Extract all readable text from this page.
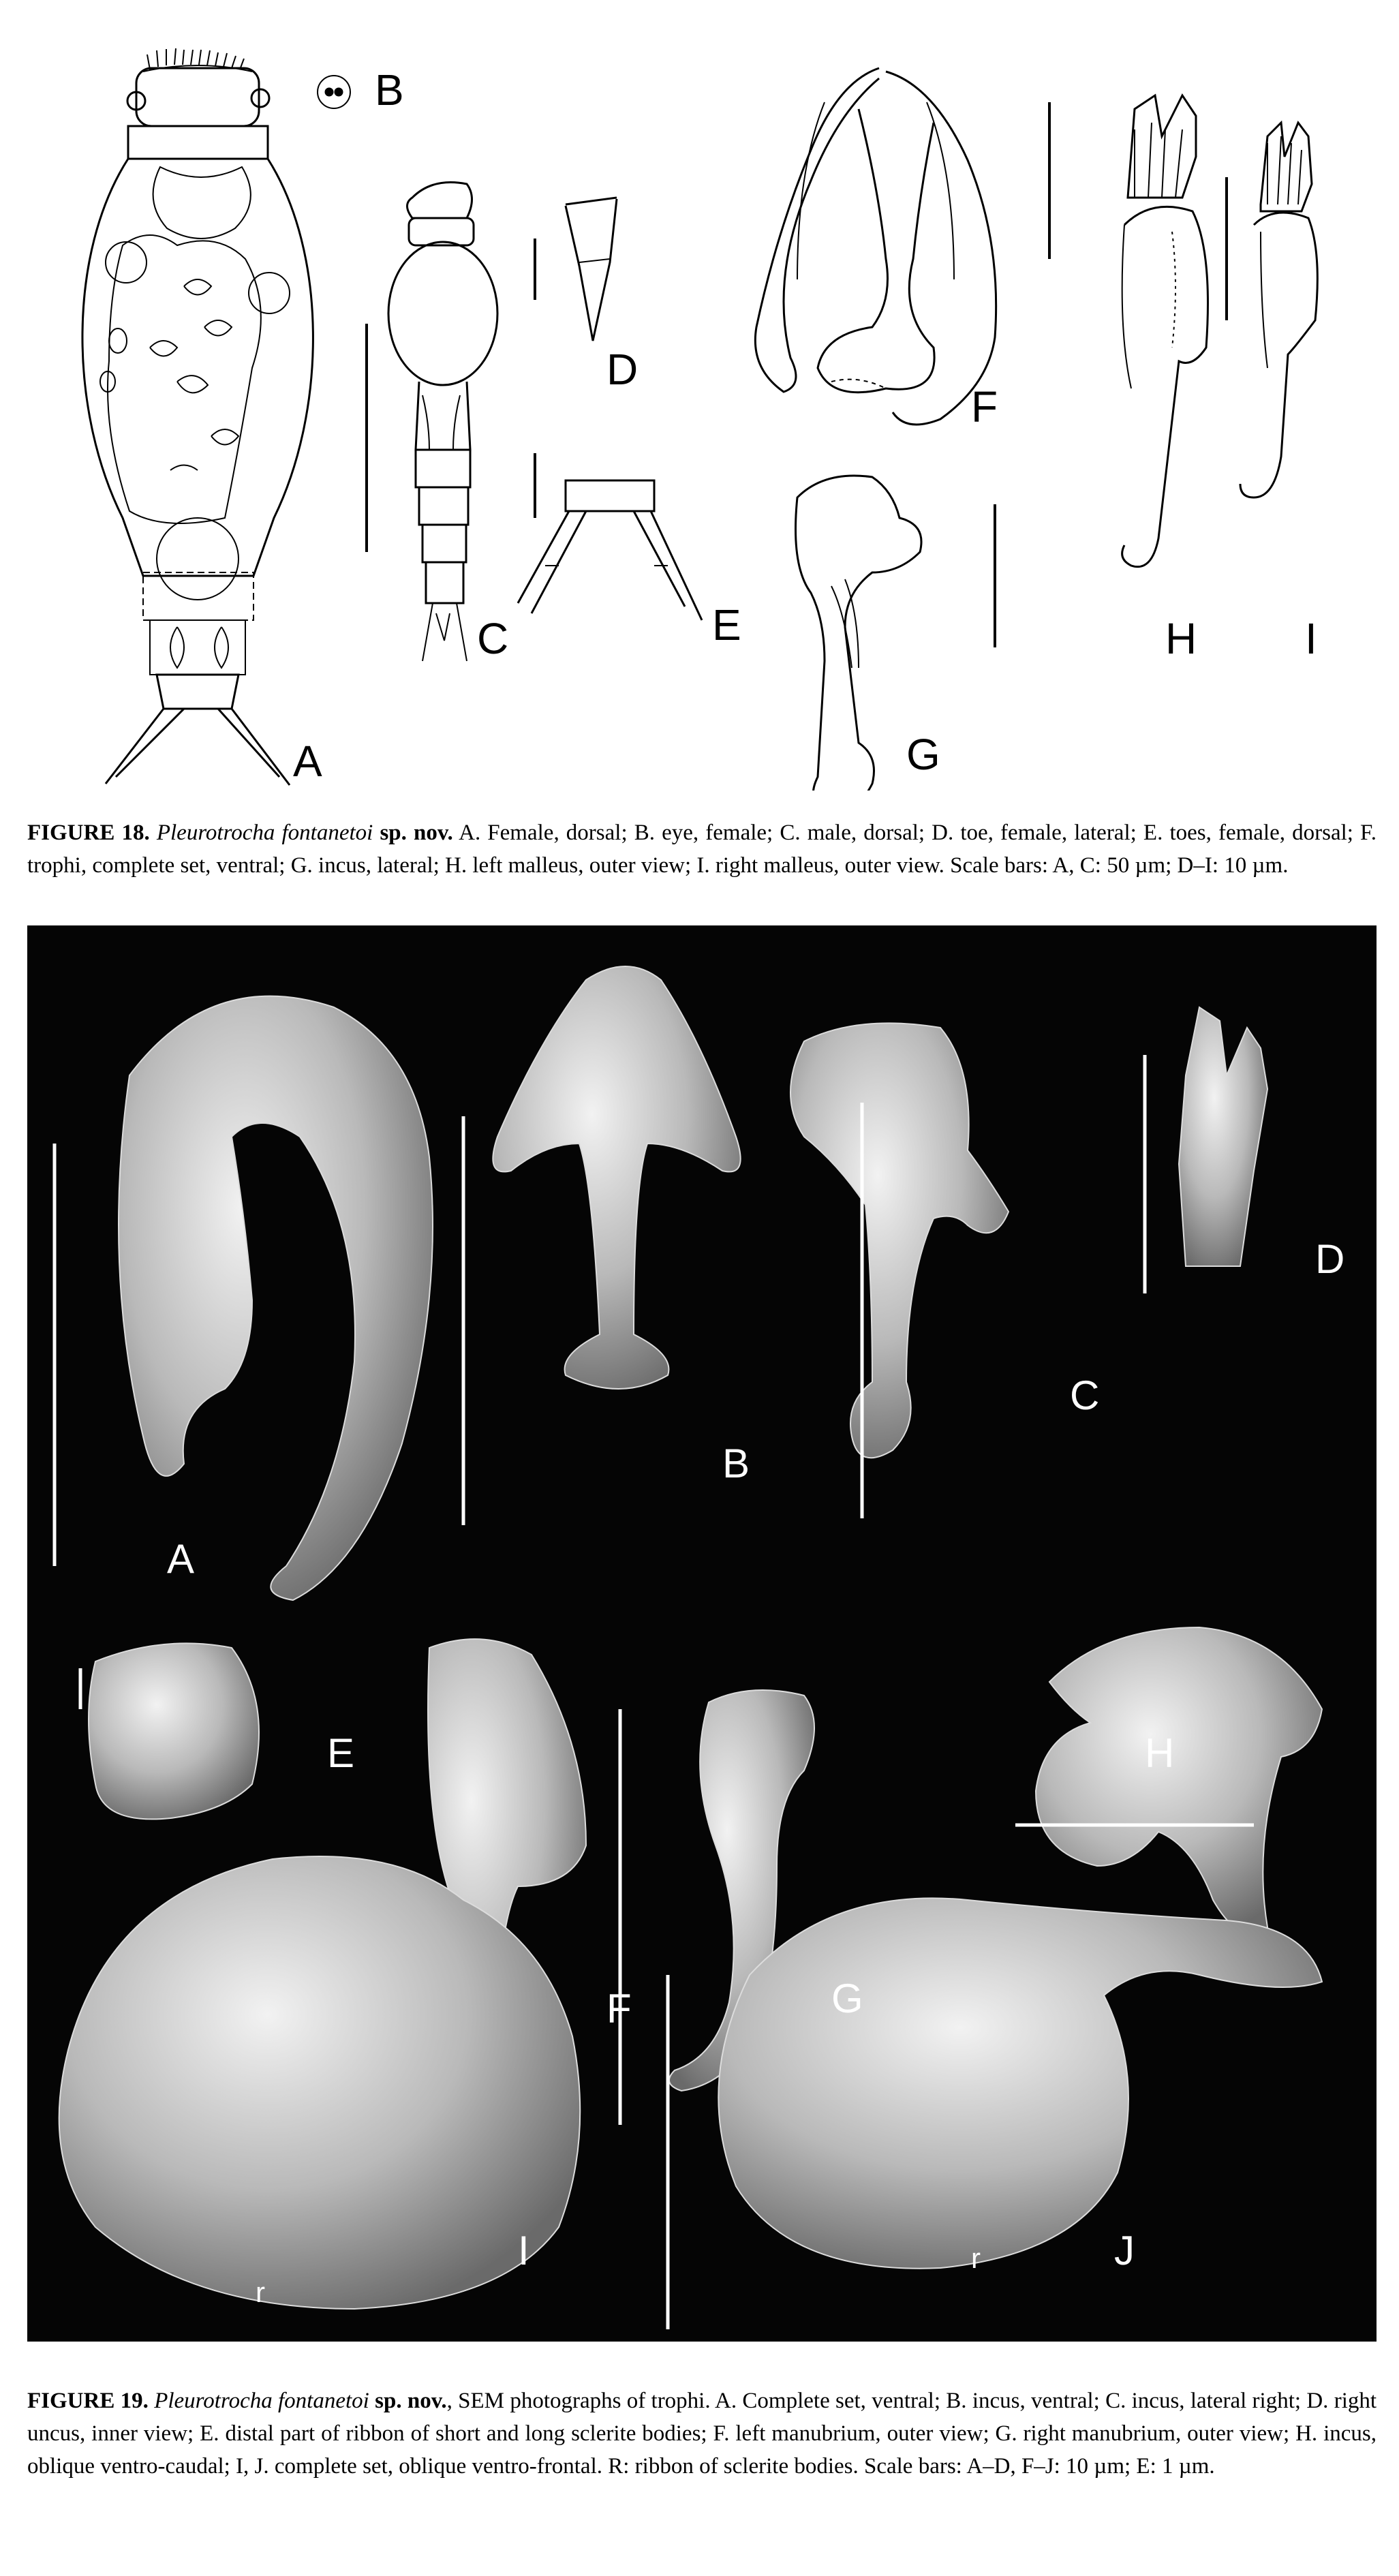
A
B
C
D
E
F
G
H I

FIGURE 18. Pleurotrocha fontanetoi sp. nov. A. Female, dorsal; B. eye, female; C. male, dorsal; D. toe, female, lateral; E. toes, female, dorsal; F. trophi, complete set, ventral; G. incus, lateral; H. left malleus, outer view; I. right malleus, outer view. Scale bars: A, C: 50 µm; D–I: 10 µm.

A
B
C
D
E
F	G
H
I	J
r
r

FIGURE 19. Pleurotrocha fontanetoi sp. nov., SEM photographs of trophi. A. Complete set, ventral; B. incus, ventral; C. incus, lateral right; D. right uncus, inner view; E. distal part of ribbon of short and long sclerite bodies; F. left manubrium, outer view; G. right manubrium, outer view; H. incus, oblique ventro-caudal; I, J. complete set, oblique ventro-frontal. R: ribbon of sclerite bodies. Scale bars: A–D, F–J: 10 µm; E: 1 µm.
